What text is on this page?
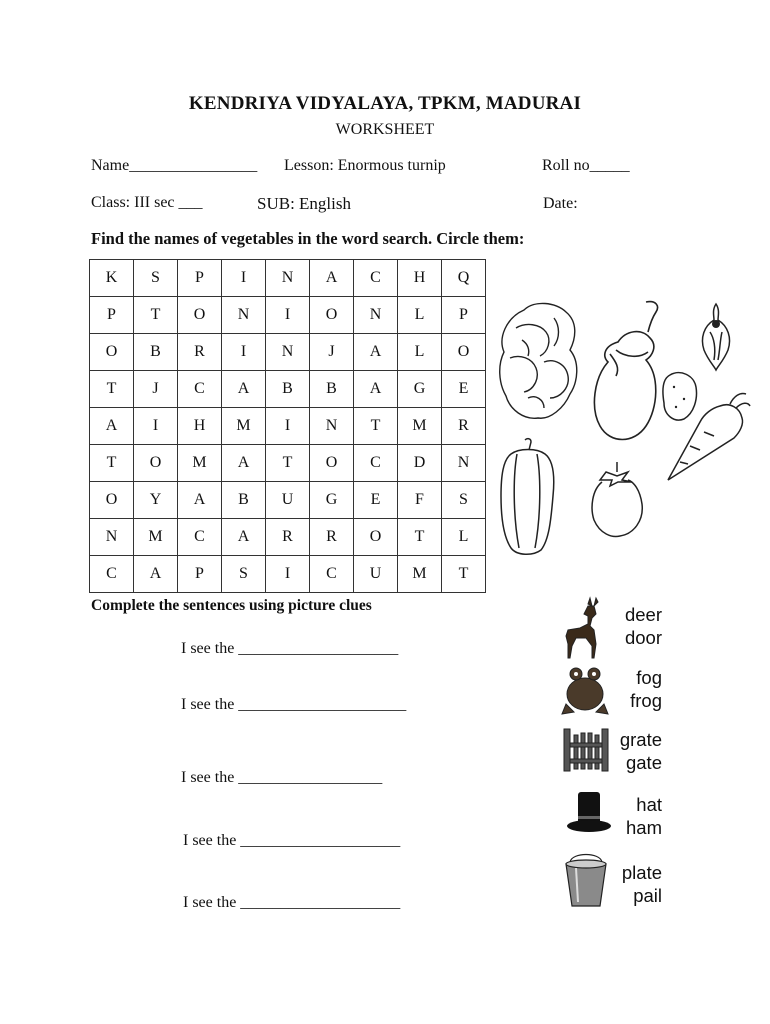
KENDRIYA VIDYALAYA, TPKM, MADURAI
WORKSHEET
Name________________ Lesson: Enormous turnip	Roll no_____
Class: III sec ___	SUB: English	Date:
Find the names of vegetables in the word search. Circle them:
K	S	P	I	N	A	C	H	Q
P	T	O	N	I	O	N	L	P
O	B	R	I	N	J	A	L	O
T	J	C	A	B	B	A	G	E
A	I	H	M	I	N	T	M	R
T	O	M	A	T	O	C	D	N
O	Y	A	B	U	G	E	F	S
N	M	C	A	R	R	O	T	L
C	A	P	S	I	C	U	M	T
Complete the sentences using picture clues
I see the ____________________
I see the _____________________
I see the __________________
I see the ____________________
I see the ____________________
deer
door
fog
frog
grate
gate
hat
ham
plate
pail
